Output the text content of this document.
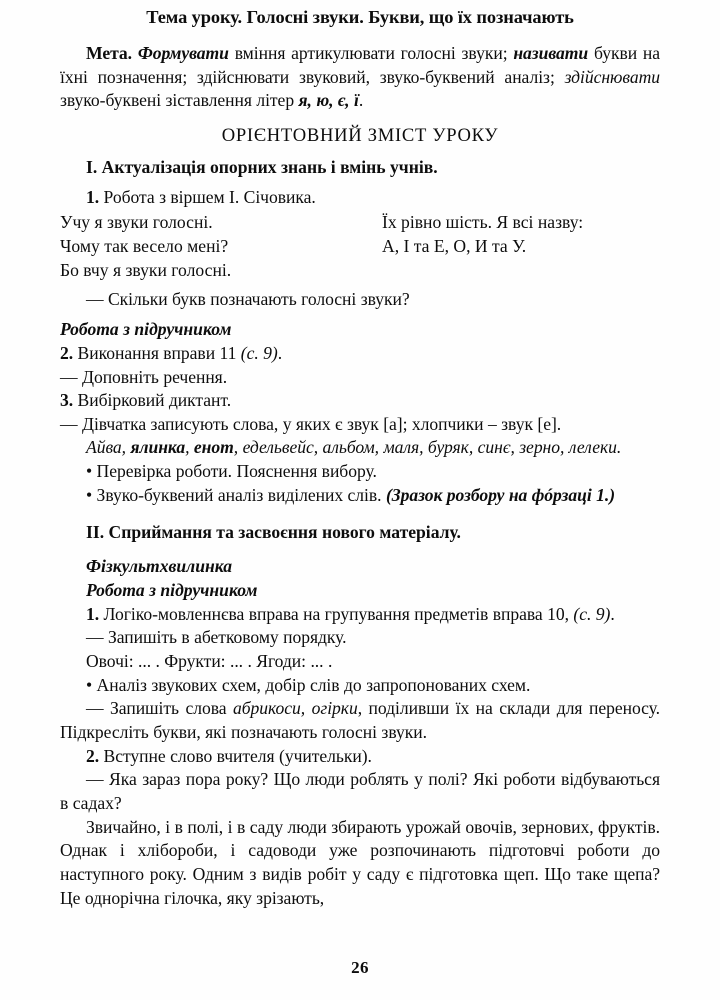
Тема уроку. Голосні звуки. Букви, що їх позначають

Мета. Формувати вміння артикулювати голосні звуки; називати букви на їхні позначення; здійснювати звуковий, звуко-буквений аналіз; здійснювати звуко-буквені зіставлення літер я, ю, є, ї.

ОРІЄНТОВНИЙ ЗМІСТ УРОКУ
I. Актуалізація опорних знань і вмінь учнів.
1. Робота з віршем І. Січовика.
Учу я звуки голосні.	Їх рівно шість. Я всі назву:
Чому так весело мені?	А, І та Е, О, И та У.
Бо вчу я звуки голосні.
— Скільки букв позначають голосні звуки?
Робота з підручником
2. Виконання вправи 11 (с. 9).
— Доповніть речення.
3. Вибірковий диктант.
— Дівчатка записують слова, у яких є звук [а]; хлопчики – звук [е].

Айва, ялинка, енот, едельвейс, альбом, маля, буряк, синє, зерно, лелеки.

• Перевірка роботи. Пояснення вибору.

• Звуко-буквений аналіз виділених слів. (Зразок розбору на фóрзаці 1.)

II. Сприймання та засвоєння нового матеріалу.
Фізкультхвилинка
Робота з підручником

1. Логіко-мовленнєва вправа на групування предметів вправа 10, (с. 9).

— Запишіть в абетковому порядку.
Овочі: ... . Фрукти: ... . Ягоди: ... .
• Аналіз звукових схем, добір слів до запропонованих схем.

— Запишіть слова абрикоси, огірки, поділивши їх на склади для переносу. Підкресліть букви, які позначають голосні звуки.

2. Вступне слово вчителя (учительки).

— Яка зараз пора року? Що люди роблять у полі? Які роботи відбуваються в садах?

Звичайно, і в полі, і в саду люди збирають урожай овочів, зернових, фруктів. Однак і хлібороби, і садоводи уже розпочинають підготовчі роботи до наступного року. Одним з видів робіт у саду є підготовка щеп. Що таке щепа? Це однорічна гілочка, яку зрізають,

26
